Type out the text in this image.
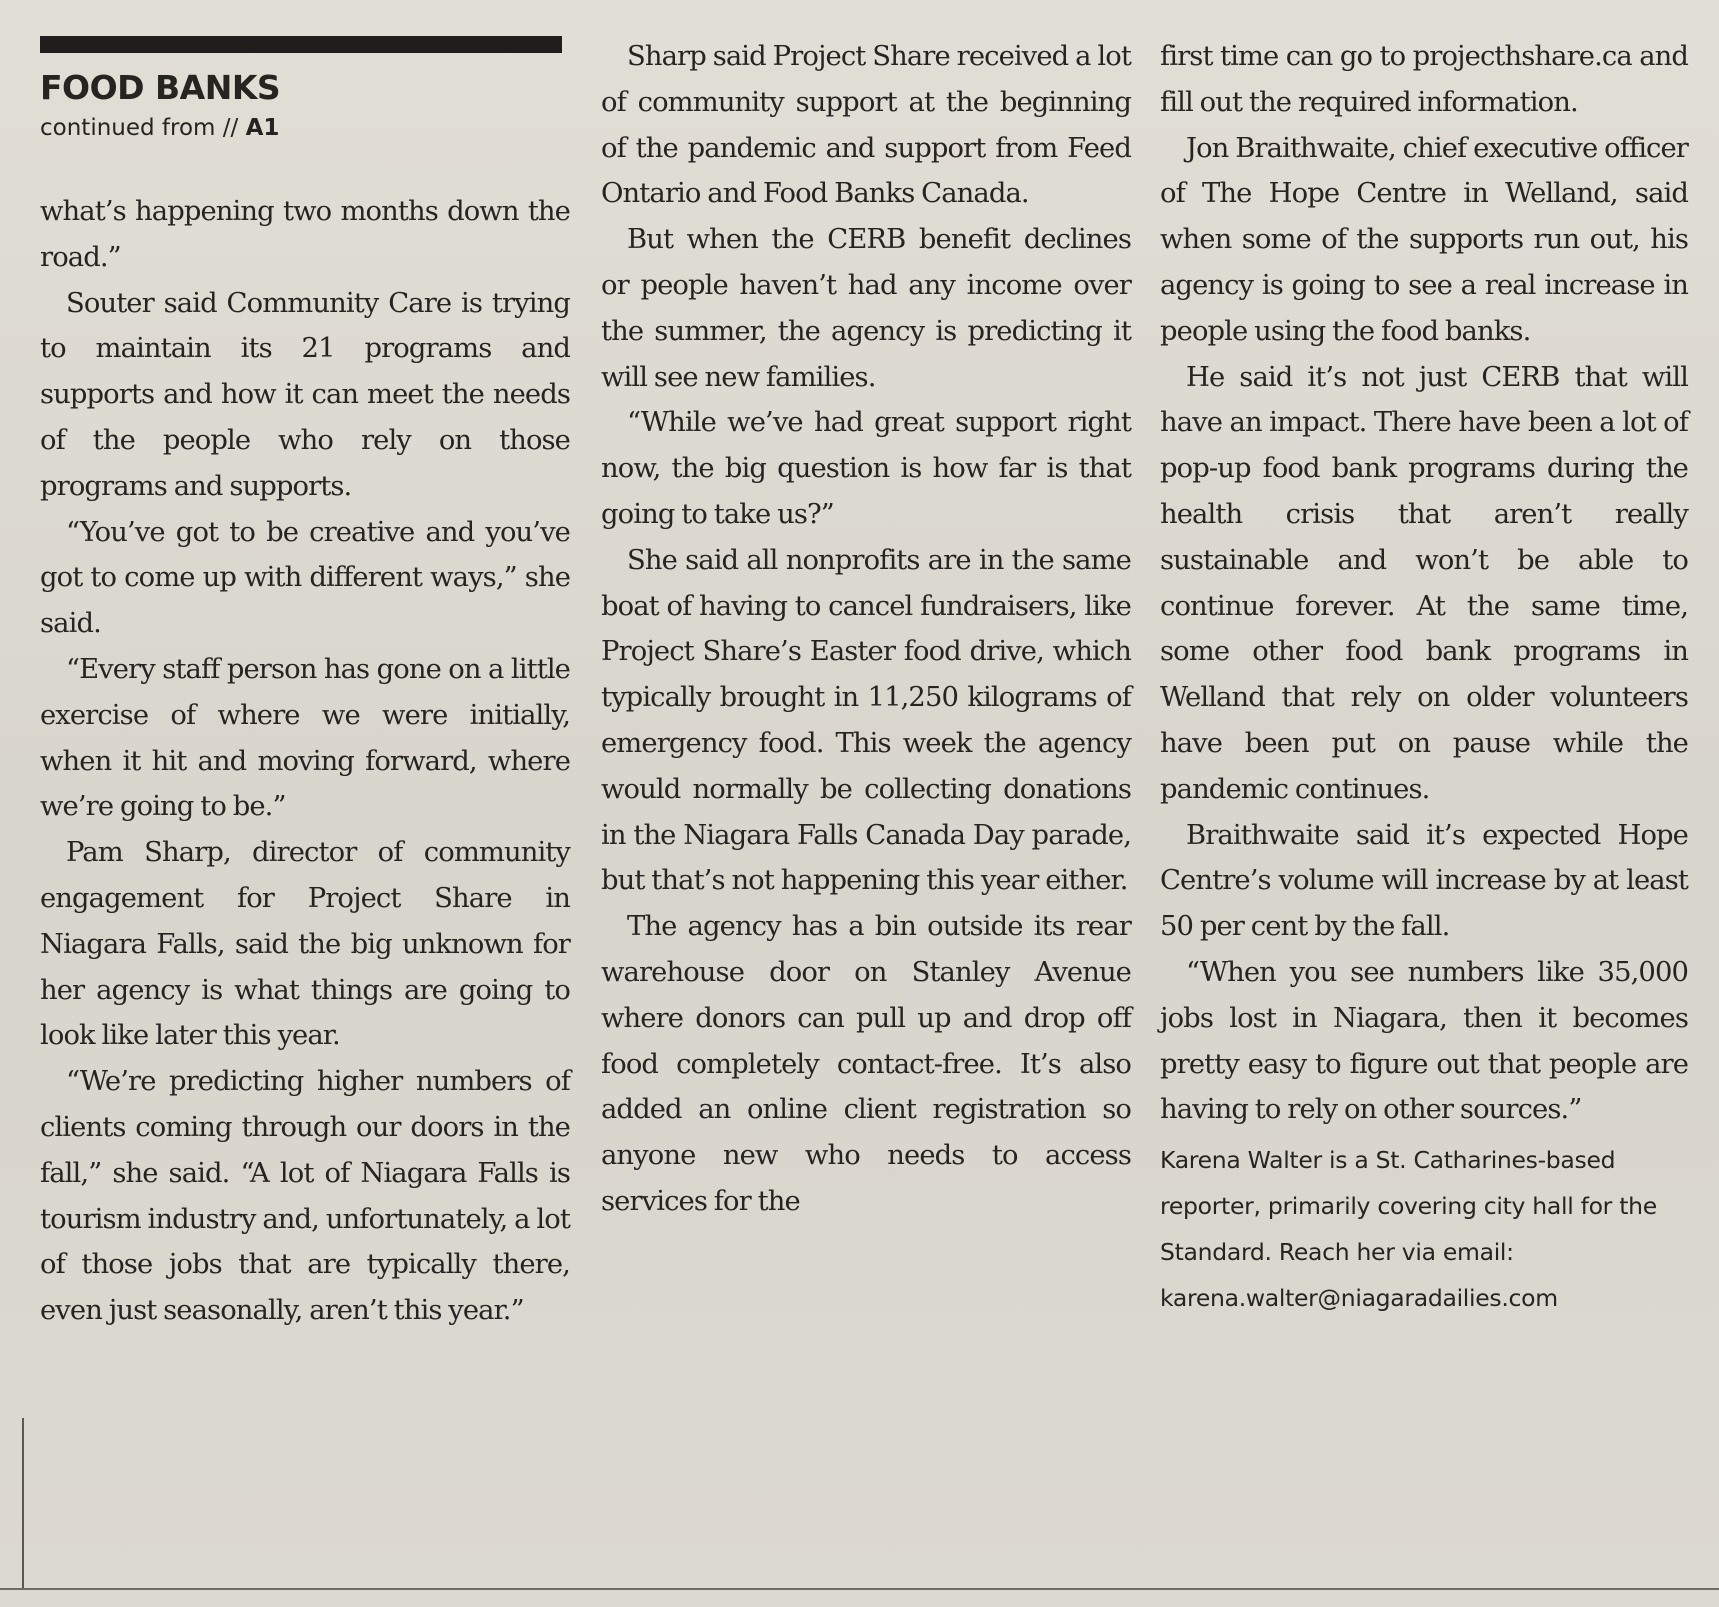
FOOD BANKS
continued from // A1

what’s happening two months down the road.”

Souter said Community Care is trying to maintain its 21 programs and supports and how it can meet the needs of the people who rely on those programs and supports.

“You’ve got to be creative and you’ve got to come up with different ways,” she said.

“Every staff person has gone on a little exercise of where we were initially, when it hit and moving forward, where we’re going to be.”

Pam Sharp, director of community engagement for Project Share in Niagara Falls, said the big unknown for her agency is what things are going to look like later this year.

“We’re predicting higher numbers of clients coming through our doors in the fall,” she said. “A lot of Niagara Falls is tourism industry and, unfortunately, a lot of those jobs that are typically there, even just seasonally, aren’t this year.”

Sharp said Project Share received a lot of community support at the beginning of the pandemic and support from Feed Ontario and Food Banks Canada.

But when the CERB benefit declines or people haven’t had any income over the summer, the agency is predicting it will see new families.

“While we’ve had great support right now, the big question is how far is that going to take us?”

She said all nonprofits are in the same boat of having to cancel fundraisers, like Project Share’s Easter food drive, which typically brought in 11,250 kilograms of emergency food. This week the agency would normally be collecting donations in the Niagara Falls Canada Day parade, but that’s not happening this year either.

The agency has a bin outside its rear warehouse door on Stanley Avenue where donors can pull up and drop off food completely contact-free. It’s also added an online client registration so anyone new who needs to access services for the

first time can go to projecthshare.ca and fill out the required information.

Jon Braithwaite, chief executive officer of The Hope Centre in Welland, said when some of the supports run out, his agency is going to see a real increase in people using the food banks.

He said it’s not just CERB that will have an impact. There have been a lot of pop-up food bank programs during the health crisis that aren’t really sustainable and won’t be able to continue forever. At the same time, some other food bank programs in Welland that rely on older volunteers have been put on pause while the pandemic continues.

Braithwaite said it’s expected Hope Centre’s volume will increase by at least 50 per cent by the fall.

“When you see numbers like 35,000 jobs lost in Niagara, then it becomes pretty easy to figure out that people are having to rely on other sources.”

Karena Walter is a St. Catharines-based reporter, primarily covering city hall for the Standard. Reach her via email: karena.walter@niagaradailies.com
